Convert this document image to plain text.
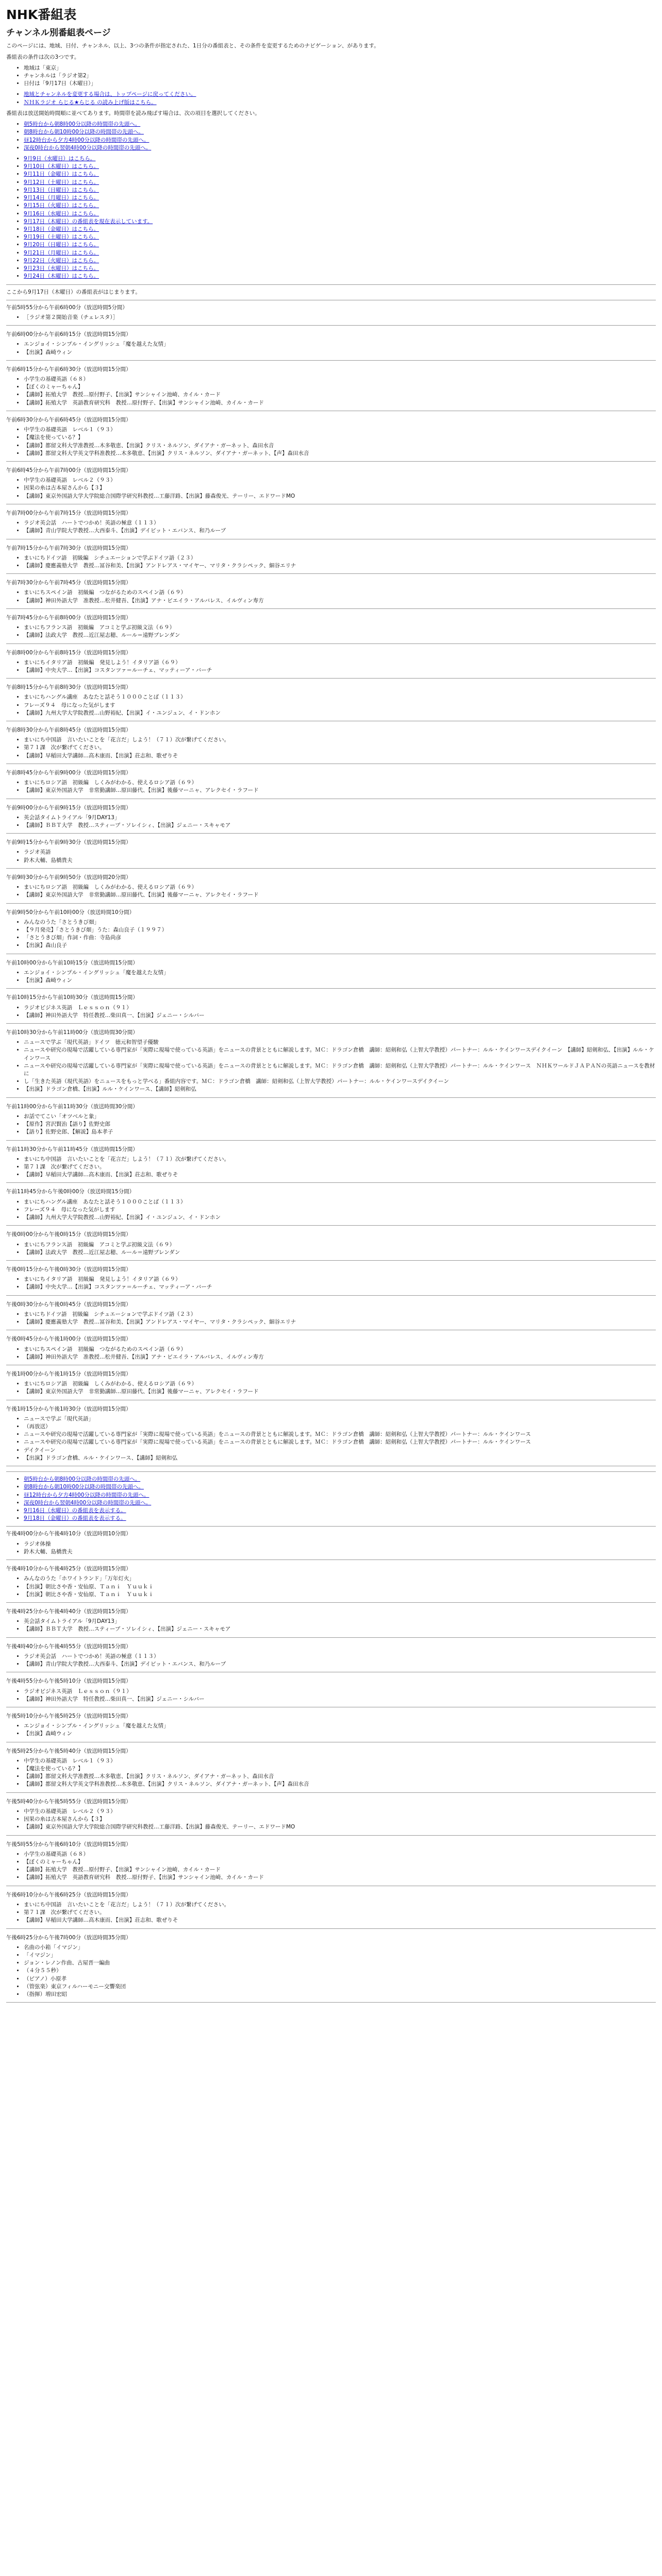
NHK番組表
チャンネル別番組表ページ

このページには、地域、日付、チャンネル、以上、3つの条件が指定された、1日分の番組表と、その条件を変更するためのナビゲーション、があります。

番組表の条件は次の3つです。

• 地域は「東京」
• チャンネルは「ラジオ第2」
• 日付は「9月17日（木曜日）」
• 地域とチャンネルを変更する場合は、トップページに戻ってください。
• ＮＨＫラジオ らじる★らじる の読み上げ版はこちら。

番組表は放送開始時間順に並べてあります。時間帯を読み飛ばす場合は、次の項目を選択してください。

• 朝5時台から朝8時00分以降の時間帯の先頭へ。
• 朝8時台から朝10時00分以降の時間帯の先頭へ。
• 昼12時台から夕方4時00分以降の時間帯の先頭へ。
• 深夜0時台から翌朝4時00分以降の時間帯の先頭へ。
• 9月9日（水曜日）はこちら。
• 9月10日（木曜日）はこちら。
• 9月11日（金曜日）はこちら。
• 9月12日（土曜日）はこちら。
• 9月13日（日曜日）はこちら。
• 9月14日（月曜日）はこちら。
• 9月15日（火曜日）はこちら。
• 9月16日（水曜日）はこちら。
• 9月17日（木曜日）の番組表を現在表示しています。
• 9月18日（金曜日）はこちら。
• 9月19日（土曜日）はこちら。
• 9月20日（日曜日）はこちら。
• 9月21日（月曜日）はこちら。
• 9月22日（火曜日）はこちら。
• 9月23日（水曜日）はこちら。
• 9月24日（木曜日）はこちら。

ここから9月17日（木曜日）の番組表がはじまります。

午前5時55分から午前6時00分（放送時間5分間）
• ［ラジオ第２開始音楽（チェレスタ）］
午前6時00分から午前6時15分（放送時間15分間）
• エンジョイ・シンプル・イングリッシュ「魔を越えた友情」
• 【出演】森崎ウィン
午前6時15分から午前6時30分（放送時間15分間）
• 小学生の基礎英語（６８）
• 【ぼくのミャーちゃん】
• 【講師】拓殖大学　教授…原付野子、【出演】サンシャイン池崎、カイル・カード
• 【講師】拓殖大学　英語教育研究科　教授…原付野子、【出演】サンシャイン池崎、カイル・カード
午前6時30分から午前6時45分（放送時間15分間）
• 中学生の基礎英語　レベル１（９３）
• 【魔法を使っている？】
• 【講師】都留文科大学准教授…木多敬恵、【出演】クリス・ネルソン、ダイアナ・ガーネット、森田水音
• 【講師】都留文科大学英文学科准教授…木多敬恵、【出演】クリス・ネルソン、ダイアナ・ガーネット、【声】森田水音
午前6時45分から午前7時00分（放送時間15分間）
• 中学生の基礎英語　レベル２（９３）
• 因果の糸は古本屋さんから【３】
• 【講師】東京外国語大学大学院総合国際学研究科教授…工藤洋路、【出演】藤森俊光、テーリー、エドワードMO
午前7時00分から午前7時15分（放送時間15分間）
• ラジオ英会話　ハートでつかめ！英語の極意（１１３）
• 【講師】青山学院大学教授…大西泰斗、【出演】デイビット・エバンス、和乃ルーブ
午前7時15分から午前7時30分（放送時間15分間）
• まいにちドイツ語　初級編　シチュエーションで学ぶドイツ語（２３）
• 【講師】慶應義塾大学　教授…冨谷和美、【出演】アンドレアス・マイヤー、マリタ・クラシペック、細谷エリナ
午前7時30分から午前7時45分（放送時間15分間）
• まいにちスペイン語　初級編　つながるためのスペイン語（６９）
• 【講師】神田外語大学　准教授…松井健吾、【出演】アナ・ビエイラ・アルバレス、イルヴィン寿方
午前7時45分から午前8時00分（放送時間15分間）
• まいにちフランス語　初級編　アコミと学ぶ初級文法（６９）
• 【講師】法政大学　教授…近江屋志穂、ルール＝遠野ブレンダン
午前8時00分から午前8時15分（放送時間15分間）
• まいにちイタリア語　初級編　発見しよう！イタリア語（６９）
• 【講師】中央大学…【出演】コスタンツァ＝ルーチェ、マッティーア・バーチ
午前8時15分から午前8時30分（放送時間15分間）
• まいにちハングル講座　あなたと話そう１０００ことば（１１３）
• フレーズ９４　母になった気がします
• 【講師】九州大学大学院教授…山野裕紀、【出演】イ・ユンジュン、イ・ドンホン
午前8時30分から午前8時45分（放送時間15分間）
• まいにち中国語　言いたいことを「花言だ」しよう！（７１）次が繋げてください。
• 第７１課　次が繋げてください。
• 【講師】早稲田大学講師…高木康而、【出演】荘志和、歌ぜりそ
午前8時45分から午前9時00分（放送時間15分間）
• まいにちロシア語　初級編　しくみがわかる、使えるロシア語（６９）
• 【講師】東京外国語大学　非常勤講師…原田藤代、【出演】後藤マーニャ、アレクセイ・ラフード
午前9時00分から午前9時15分（放送時間15分間）
• 英会話タイムトライアル「9月DAY13」
• 【講師】ＢＢＴ大学　教授…スティーブ・ソレイシィ、【出演】ジェニー・スキャモア
午前9時15分から午前9時30分（放送時間15分間）
• ラジオ英語
• 鈴木大輔、島橋貴夫
午前9時30分から午前9時50分（放送時間20分間）
• まいにちロシア語　初級編　しくみがわかる、使えるロシア語（６９）
• 【講師】東京外国語大学　非常勤講師…原田藤代、【出演】後藤マーニャ、アレクセイ・ラフード
午前9時50分から午前10時00分（放送時間10分間）
• みんなのうた「さとうきび畑」
• 【９月発売】「さとうきび畑」うた：森山良子（１９９７）
• 「さとうきび畑」作詞・作曲：寺島尚彦
• 【出演】森山良子
午前10時00分から午前10時15分（放送時間15分間）
• エンジョイ・シンプル・イングリッシュ「魔を越えた友情」
• 【出演】森崎ウィン
午前10時15分から午前10時30分（放送時間15分間）
• ラジオビジネス英語　Ｌｅｓｓｏｎ（９１）
• 【講師】神田外語大学　特任教授…柴田真一、【出演】ジェニー・シルバー
午前10時30分から午前11時00分（放送時間30分間）
• ニュースで学ぶ「現代英語」ドイツ　徳元和智望子優駿
• ニュースや研究の現場で活躍している専門家が「実際に現場で使っている英語」をニュースの背景とともに解説します。ＭＣ：ドラゴン倉橋　講師：紹剣和弘（上智大学教授）パートナー：ルル・ケインワースデイクイーン　【講師】紹剣和弘、【出演】ルル・ケインワース
• ニュースや研究の現場で活躍している専門家が「実際に現場で使っている英語」をニュースの背景とともに解説します。ＭＣ：ドラゴン倉橋　講師：紹剣和弘（上智大学教授）パートナー：ルル・ケインワース　ＮＨＫワールドＪＡＰＡＮの英語ニュースを教材に
• し「生きた英語（現代英語）をニュースをもっと学べる」番組内容です。ＭＣ：ドラゴン倉橋　講師：紹剣和弘（上智大学教授）パートナー：ルル・ケインワースデイクイーン
• 【出演】ドラゴン倉橋、【出演】ルル・ケインワース、【講師】紹剣和弘
午前11時00分から午前11時30分（放送時間30分間）
• お話でてこい「オツベルと象」
• 【原作】宮沢賢治【語り】佐野史郎
• 【語り】佐野史郎、【解説】島本孝子
午前11時30分から午前11時45分（放送時間15分間）
• まいにち中国語　言いたいことを「花言だ」しよう！（７１）次が繋げてください。
• 第７１課　次が繋げてください。
• 【講師】早稲田大学講師…高木康而、【出演】荘志和、歌ぜりそ
午前11時45分から午後0時00分（放送時間15分間）
• まいにちハングル講座　あなたと話そう１０００ことば（１１３）
• フレーズ９４　母になった気がします
• 【講師】九州大学大学院教授…山野裕紀、【出演】イ・ユンジュン、イ・ドンホン
午後0時00分から午後0時15分（放送時間15分間）
• まいにちフランス語　初級編　アコミと学ぶ初級文法（６９）
• 【講師】法政大学　教授…近江屋志穂、ルール＝遠野ブレンダン
午後0時15分から午後0時30分（放送時間15分間）
• まいにちイタリア語　初級編　発見しよう！イタリア語（６９）
• 【講師】中央大学…【出演】コスタンツァ＝ルーチェ、マッティーア・バーチ
午後0時30分から午後0時45分（放送時間15分間）
• まいにちドイツ語　初級編　シチュエーションで学ぶドイツ語（２３）
• 【講師】慶應義塾大学　教授…冨谷和美、【出演】アンドレアス・マイヤー、マリタ・クラシペック、細谷エリナ
午後0時45分から午後1時00分（放送時間15分間）
• まいにちスペイン語　初級編　つながるためのスペイン語（６９）
• 【講師】神田外語大学　准教授…松井健吾、【出演】アナ・ビエイラ・アルバレス、イルヴィン寿方
午後1時00分から午後1時15分（放送時間15分間）
• まいにちロシア語　初級編　しくみがわかる、使えるロシア語（６９）
• 【講師】東京外国語大学　非常勤講師…原田藤代、【出演】後藤マーニャ、アレクセイ・ラフード
午後1時15分から午後1時30分（放送時間15分間）
• ニュースで学ぶ「現代英語」
• （再放送）
• ニュースや研究の現場で活躍している専門家が「実際に現場で使っている英語」をニュースの背景とともに解説します。ＭＣ：ドラゴン倉橋　講師：紹剣和弘（上智大学教授）パートナー：ルル・ケインワース
• ニュースや研究の現場で活躍している専門家が「実際に現場で使っている英語」をニュースの背景とともに解説します。ＭＣ：ドラゴン倉橋　講師：紹剣和弘（上智大学教授）パートナー：ルル・ケインワース
• デイクイーン
• 【出演】ドラゴン倉橋、ルル・ケインワース、【講師】紹剣和弘
• 朝5時台から朝8時00分以降の時間帯の先頭へ。
• 朝8時台から朝10時00分以降の時間帯の先頭へ。
• 昼12時台から夕方4時00分以降の時間帯の先頭へ。
• 深夜0時台から翌朝4時00分以降の時間帯の先頭へ。
• 9月16日（水曜日）の番組表を表示する。
• 9月18日（金曜日）の番組表を表示する。
午後4時00分から午後4時10分（放送時間10分間）
• ラジオ体操
• 鈴木大輔、島橋貴夫
午後4時10分から午後4時25分（放送時間15分間）
• みんなのうた「ホワイトランド」「万年灯火」
• 【出演】朝比さや香・安仙原、Ｔａｎｉ　Ｙｕｕｋｉ
• 【出演】朝比さや香・安仙原、Ｔａｎｉ　Ｙｕｕｋｉ
午後4時25分から午後4時40分（放送時間15分間）
• 英会話タイムトライアル「9月DAY13」
• 【講師】ＢＢＴ大学　教授…スティーブ・ソレイシィ、【出演】ジェニー・スキャモア
午後4時40分から午後4時55分（放送時間15分間）
• ラジオ英会話　ハートでつかめ！英語の極意（１１３）
• 【講師】青山学院大学教授…大西泰斗、【出演】デイビット・エバンス、和乃ルーブ
午後4時55分から午後5時10分（放送時間15分間）
• ラジオビジネス英語　Ｌｅｓｓｏｎ（９１）
• 【講師】神田外語大学　特任教授…柴田真一、【出演】ジェニー・シルバー
午後5時10分から午後5時25分（放送時間15分間）
• エンジョイ・シンプル・イングリッシュ「魔を越えた友情」
• 【出演】森崎ウィン
午後5時25分から午後5時40分（放送時間15分間）
• 中学生の基礎英語　レベル１（９３）
• 【魔法を使っている？】
• 【講師】都留文科大学准教授…木多敬恵、【出演】クリス・ネルソン、ダイアナ・ガーネット、森田水音
• 【講師】都留文科大学英文学科准教授…木多敬恵、【出演】クリス・ネルソン、ダイアナ・ガーネット、【声】森田水音
午後5時40分から午後5時55分（放送時間15分間）
• 中学生の基礎英語　レベル２（９３）
• 因果の糸は古本屋さんから【３】
• 【講師】東京外国語大学大学院総合国際学研究科教授…工藤洋路、【出演】藤森俊光、テーリー、エドワードMO
午後5時55分から午後6時10分（放送時間15分間）
• 小学生の基礎英語（６８）
• 【ぼくのミャーちゃん】
• 【講師】拓殖大学　教授…原付野子、【出演】サンシャイン池崎、カイル・カード
• 【講師】拓殖大学　英語教育研究科　教授…原付野子、【出演】サンシャイン池崎、カイル・カード
午後6時10分から午後6時25分（放送時間15分間）
• まいにち中国語　言いたいことを「花言だ」しよう！（７１）次が繋げてください。
• 第７１課　次が繋げてください。
• 【講師】早稲田大学講師…高木康而、【出演】荘志和、歌ぜりそ
午後6時25分から午後7時00分（放送時間35分間）
• 名曲の小箱「イマジン」
• 「イマジン」
• ジョン・レノン作曲、古屋晋一編曲
• （４分５５秒）
• （ピアノ）小原孝
• （管弦楽）東京フィルハーモニー交響楽団
• （指揮）増田宏昭
